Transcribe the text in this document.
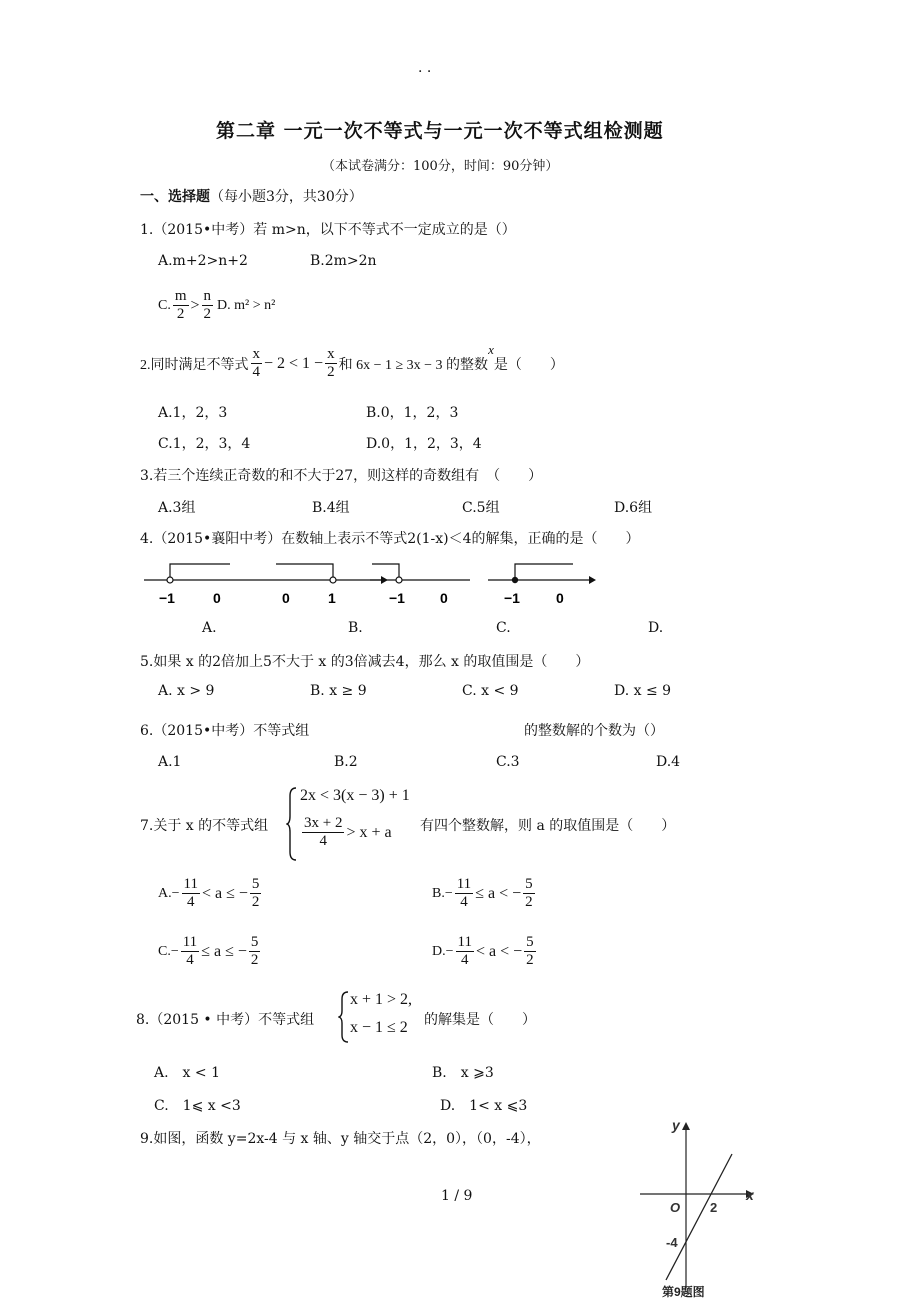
· ·
第二章 一元一次不等式与一元一次不等式组检测题
（本试卷满分：100分，时间：90分钟）
一、选择题（每小题3分，共30分）
1.（2015•中考）若 m>n，以下不等式不一定成立的是（）
A.m+2>n+2	B.2m>2n
C. $\frac{m}{2} > \frac{n}{2} D$. m² > n²
2.同时满足不等式 $\frac{x}{4} - 2 < 1 - \frac{x}{2}$ 和 6x − 1 ≥ 3x − 3 的整数
x
是（　　）
A.1，2，3	B.0，1，2，3
C.1，2，3，4	D.0，1，2，3，4
3.若三个连续正奇数的和不大于27，则这样的奇数组有　（　　）
A.3组	B.4组	C.5组	D.6组
4.（2015•襄阳中考）在数轴上表示不等式2(1-x)＜4的解集，正确的是（　　）
−1	0	0	1	−1	0	−1	0
A.	B.	C.	D.
5.如果 x 的2倍加上5不大于 x 的3倍减去4，那么 x 的取值围是（　　）
A. x > 9	B. x ≥ 9	C. x < 9	D. x ≤ 9
6.（2015•中考）不等式组	的整数解的个数为（）
A.1	B.2	C.3	D.4
7.关于 x 的不等式组
2x < 3(x − 3) + 1
$\frac{3x + 2}{4} > x + a$ 有四个整数解，则 a 的取值围是（　　）
$A.- \frac{11}{4} < a$ ≤ − $\frac{5}{2}$	$B.- \frac{11}{4} \le a$ < − $\frac{5}{2}$
$C.- \frac{11}{4} \le a$ ≤ − $\frac{5}{2}$	$D.- \frac{11}{4} < a$ < − $\frac{5}{2}$
8.（2015 • 中考）不等式组
x + 1 > 2,
x − 1 ≤ 2 的解集是（　　）
A.　x < 1	B.　x ⩾3
C.　1⩽ x <3	D.　1< x ⩽3
9.如图，函数 y=2x-4 与 x 轴、y 轴交于点（2，0），（0，-4），
1 / 9
y
x
O 2
-4
第9题图
